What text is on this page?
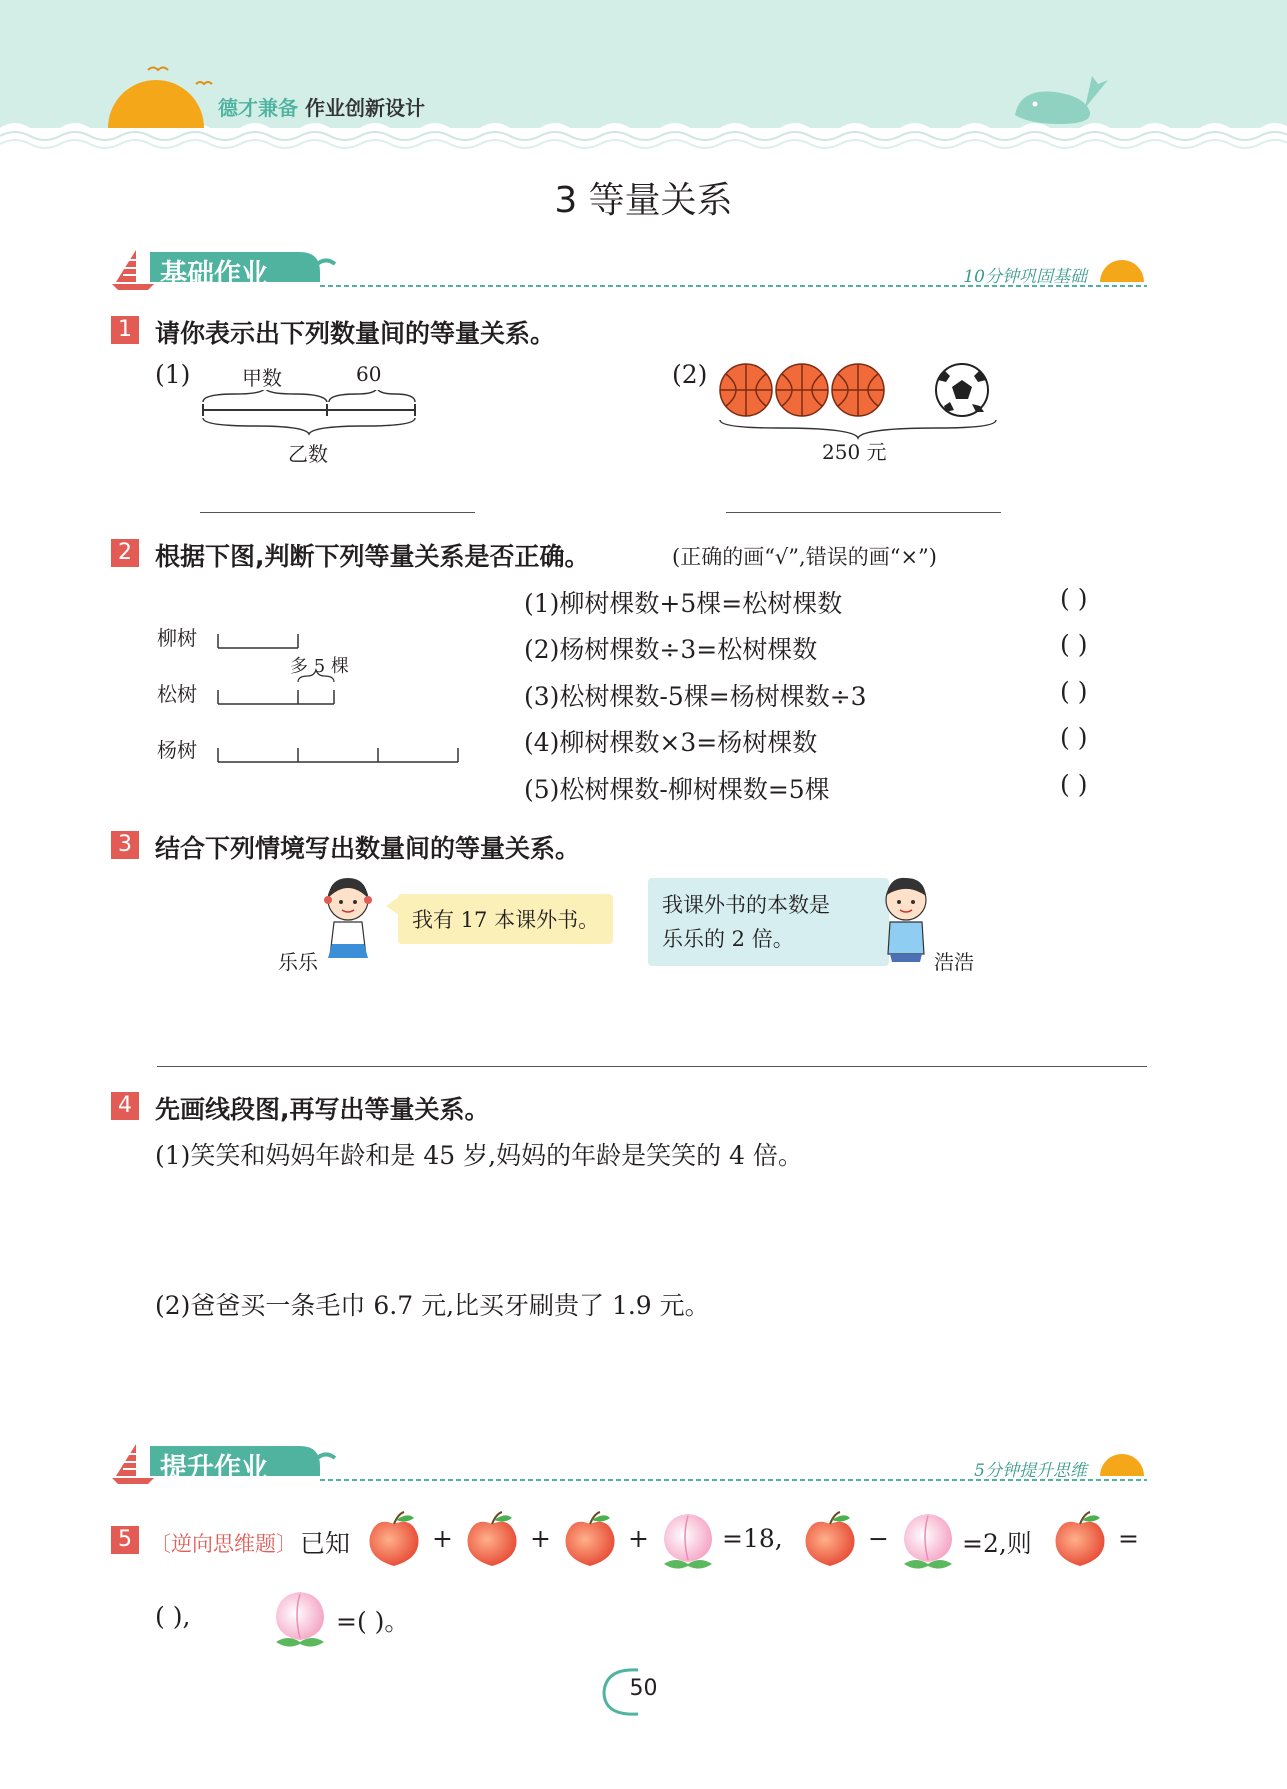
德才兼备 作业创新设计
3 等量关系
基础作业	10分钟巩固基础
1 请你表示出下列数量间的等量关系。
(1)	甲数	60
乙数
(2)
250 元
2 根据下图,判断下列等量关系是否正确。	(正确的画“√”,错误的画“×”)
柳树
松树
杨树
多 5 棵
(1)柳树棵数+5棵=松树棵数	( )
(2)杨树棵数÷3=松树棵数	( )
(3)松树棵数-5棵=杨树棵数÷3	( )
(4)柳树棵数×3=杨树棵数	( )
(5)松树棵数-柳树棵数=5棵	( )
3 结合下列情境写出数量间的等量关系。
乐乐
我有 17 本课外书。
我课外书的本数是
乐乐的 2 倍。
浩浩
4 先画线段图,再写出等量关系。
(1)笑笑和妈妈年龄和是 45 岁,妈妈的年龄是笑笑的 4 倍。
(2)爸爸买一条毛巾 6.7 元,比买牙刷贵了 1.9 元。
提升作业	5分钟提升思维
5 〔逆向思维题〕 已知	+	+	+	=18,	−	=2,则	=
( ),	=( )。
50
